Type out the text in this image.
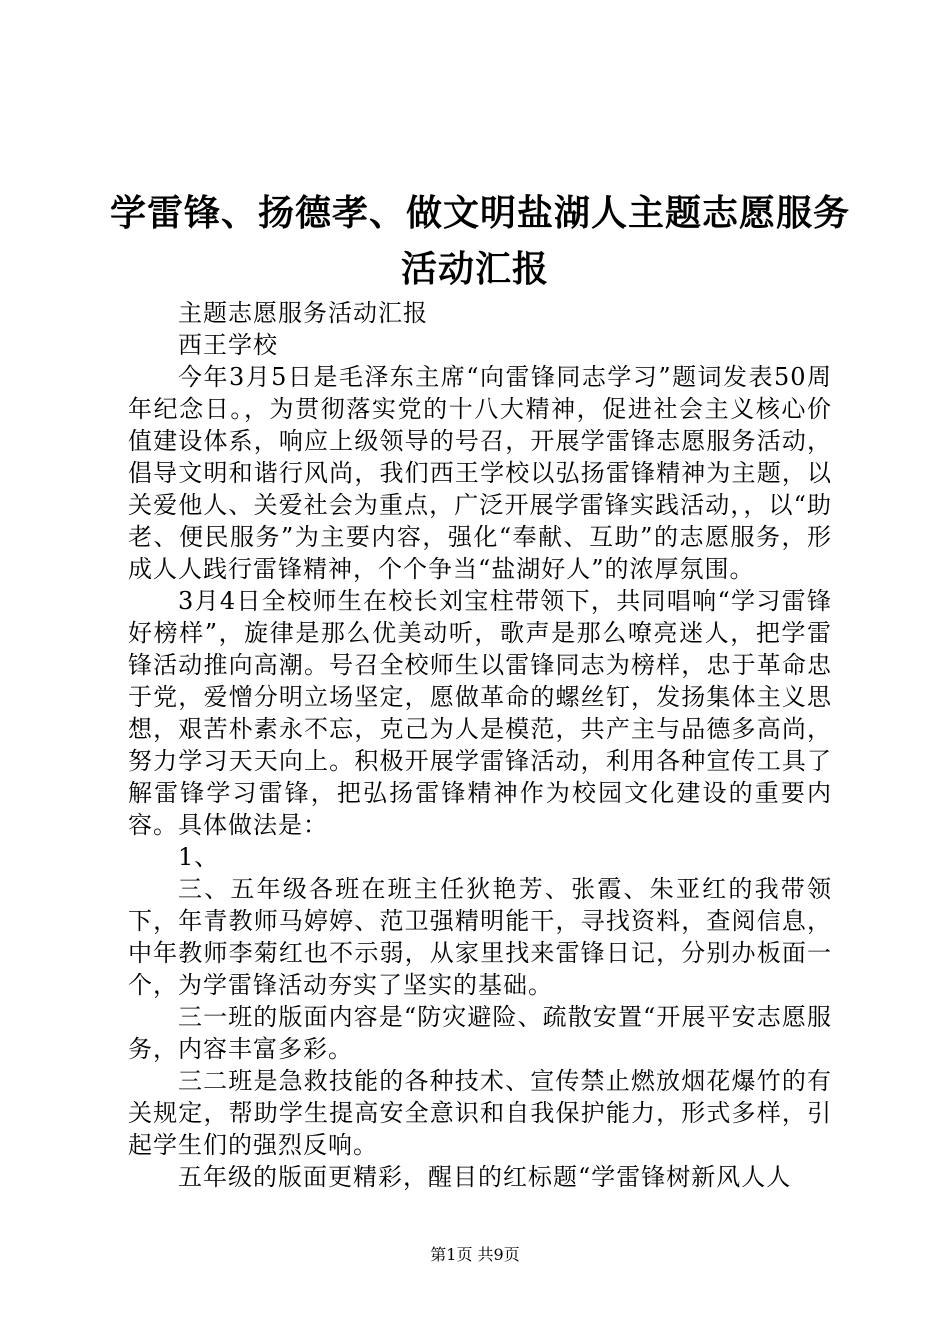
学雷锋、扬德孝、做文明盐湖人主题志愿服务
活动汇报

主题志愿服务活动汇报

西王学校

今年3月5日是毛泽东主席“向雷锋同志学习”题词发表50周年纪念日。，为贯彻落实党的十八大精神，促进社会主义核心价值建设体系，响应上级领导的号召，开展学雷锋志愿服务活动，倡导文明和谐行风尚，我们西王学校以弘扬雷锋精神为主题，以关爱他人、关爱社会为重点，广泛开展学雷锋实践活动，，以“助老、便民服务”为主要内容，强化“奉献、互助”的志愿服务，形成人人践行雷锋精神，个个争当“盐湖好人”的浓厚氛围。

3月4日全校师生在校长刘宝柱带领下，共同唱响“学习雷锋好榜样”，旋律是那么优美动听，歌声是那么嘹亮迷人，把学雷锋活动推向高潮。号召全校师生以雷锋同志为榜样，忠于革命忠于党，爱憎分明立场坚定，愿做革命的螺丝钉，发扬集体主义思想，艰苦朴素永不忘，克己为人是模范，共产主与品德多高尚，努力学习天天向上。积极开展学雷锋活动，利用各种宣传工具了解雷锋学习雷锋，把弘扬雷锋精神作为校园文化建设的重要内容。具体做法是：

1、

三、五年级各班在班主任狄艳芳、张霞、朱亚红的我带领下，年青教师马婷婷、范卫强精明能干，寻找资料，查阅信息，中年教师李菊红也不示弱，从家里找来雷锋日记，分别办板面一个，为学雷锋活动夯实了坚实的基础。

三一班的版面内容是“防灾避险、疏散安置“开展平安志愿服务，内容丰富多彩。

三二班是急救技能的各种技术、宣传禁止燃放烟花爆竹的有关规定，帮助学生提高安全意识和自我保护能力，形式多样，引起学生们的强烈反响。

五年级的版面更精彩，醒目的红标题“学雷锋树新风人人

第1页 共9页
